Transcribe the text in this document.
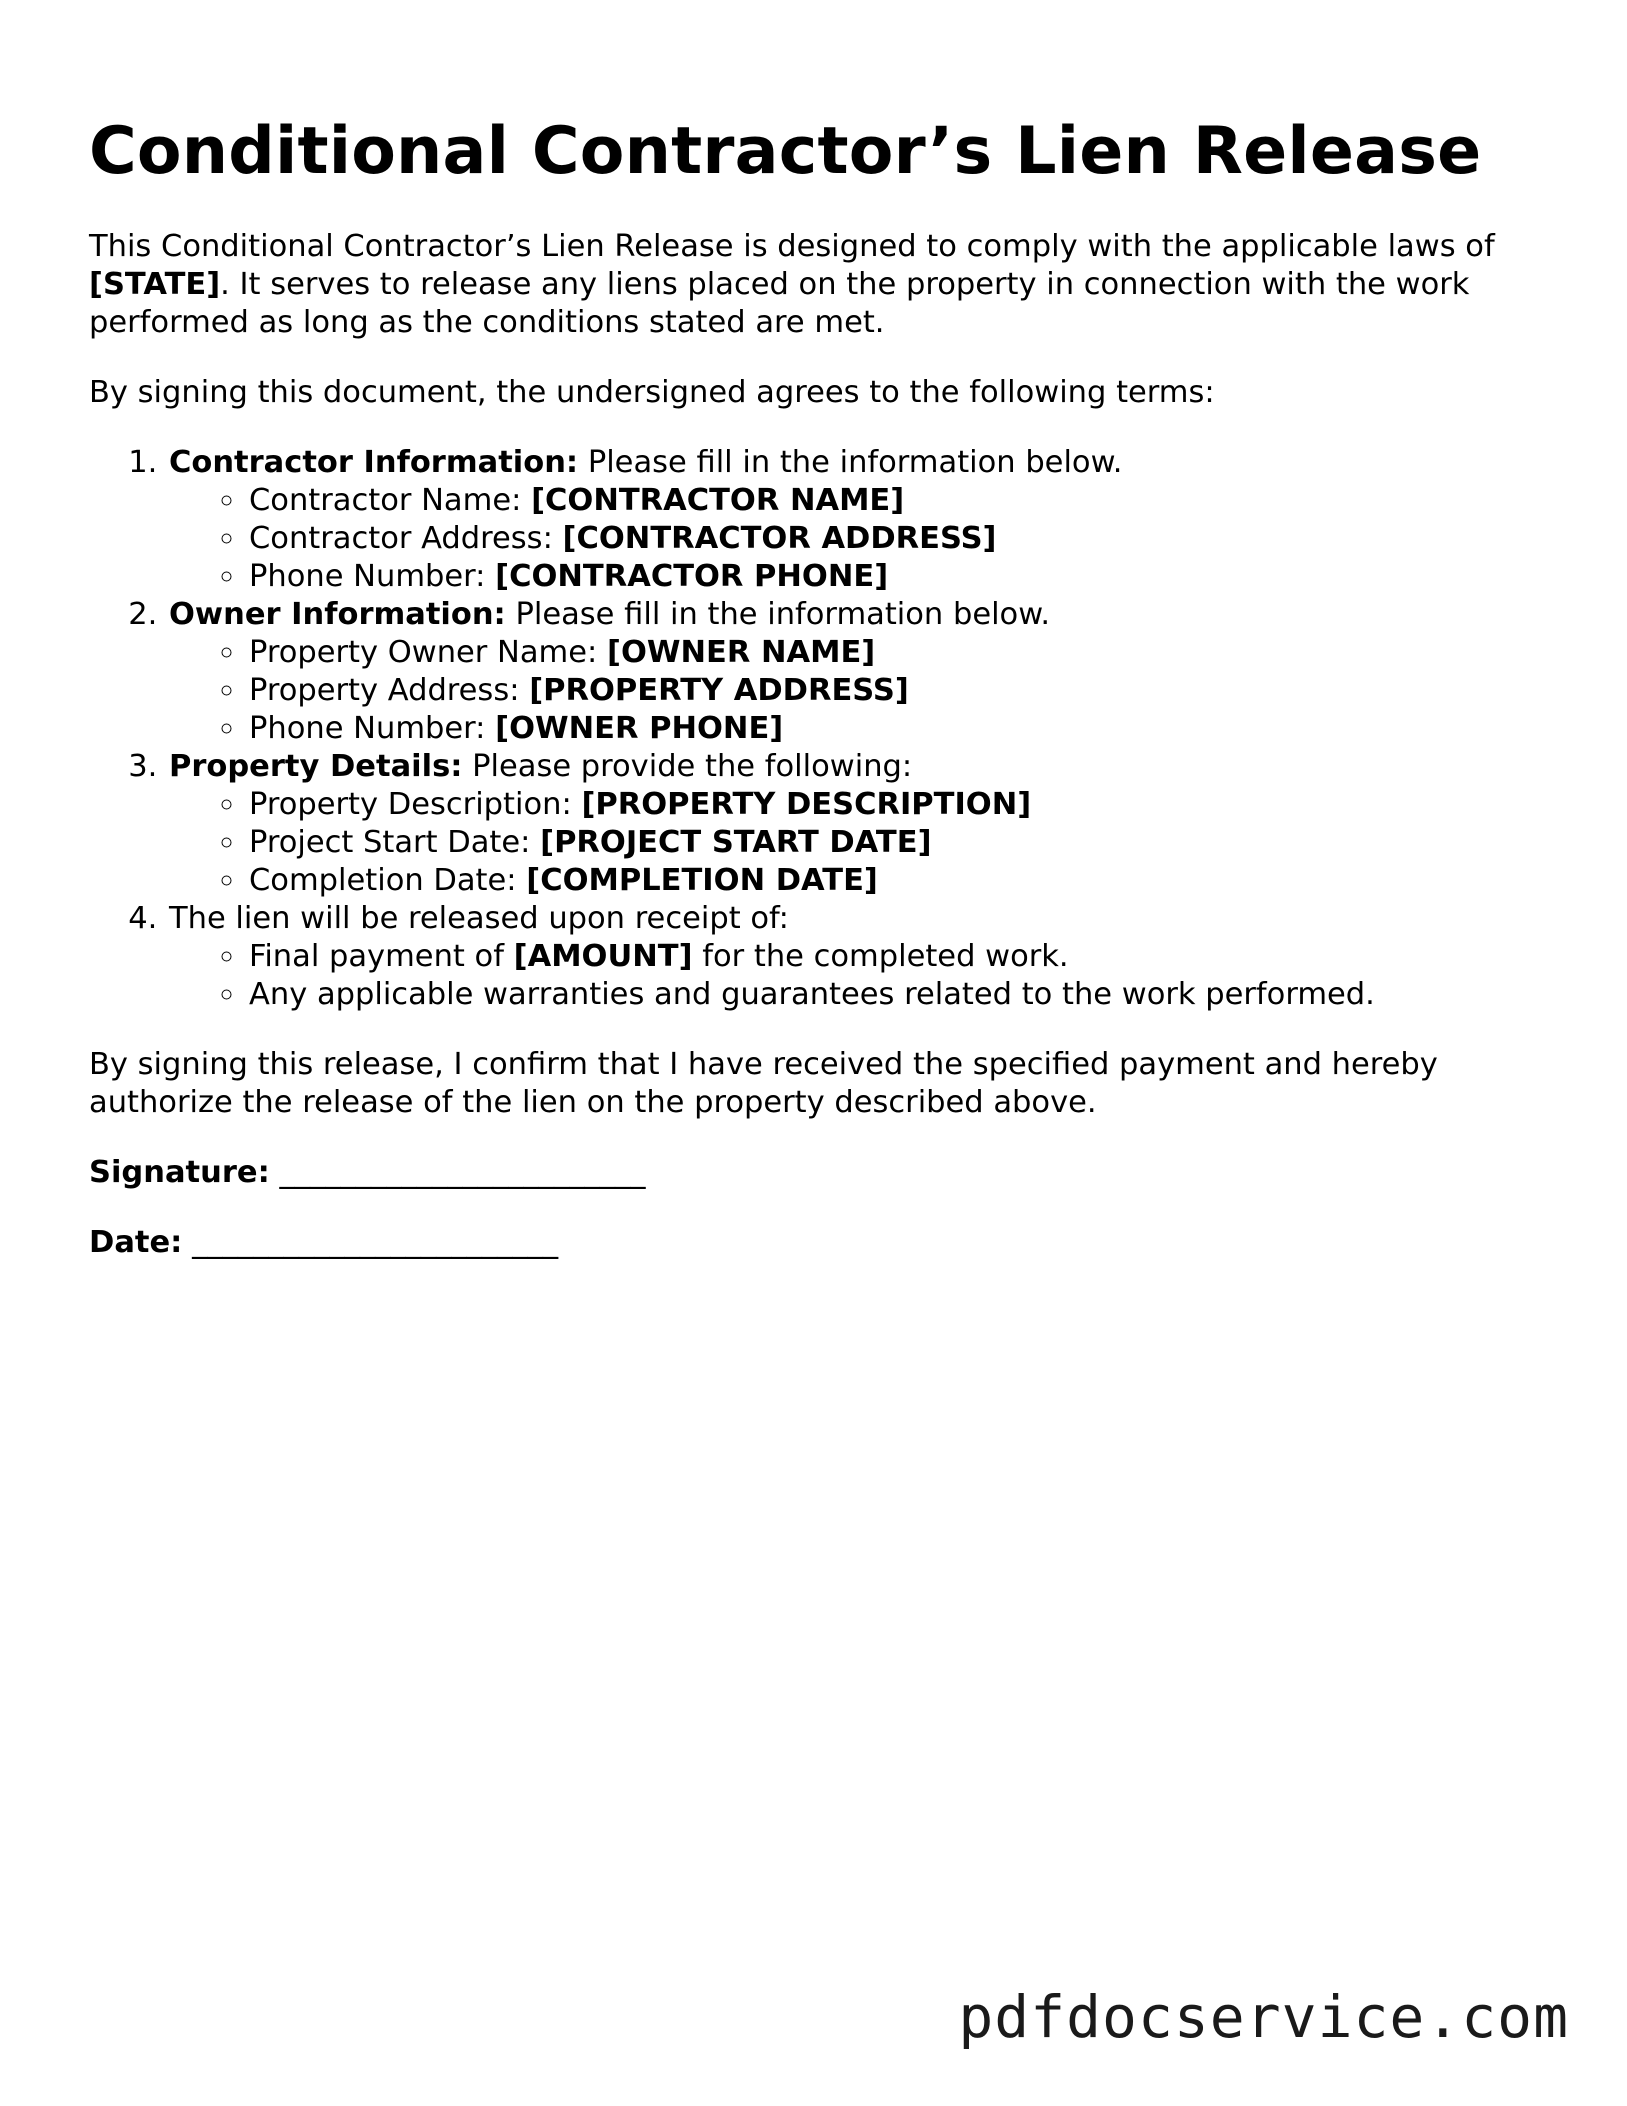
Conditional Contractor’s Lien Release

This Conditional Contractor’s Lien Release is designed to comply with the applicable laws of [STATE]. It serves to release any liens placed on the property in connection with the work performed as long as the conditions stated are met.

By signing this document, the undersigned agrees to the following terms:

1. Contractor Information: Please fill in the information below.
◦ Contractor Name: [CONTRACTOR NAME]
◦ Contractor Address: [CONTRACTOR ADDRESS]
◦ Phone Number: [CONTRACTOR PHONE]
2. Owner Information: Please fill in the information below.
◦ Property Owner Name: [OWNER NAME]
◦ Property Address: [PROPERTY ADDRESS]
◦ Phone Number: [OWNER PHONE]
3. Property Details: Please provide the following:
◦ Property Description: [PROPERTY DESCRIPTION]
◦ Project Start Date: [PROJECT START DATE]
◦ Completion Date: [COMPLETION DATE]
4. The lien will be released upon receipt of:
◦ Final payment of [AMOUNT] for the completed work.
◦ Any applicable warranties and guarantees related to the work performed.

By signing this release, I confirm that I have received the specified payment and hereby authorize the release of the lien on the property described above.

Signature: ________________________

Date: ________________________

pdfdocservice.com
